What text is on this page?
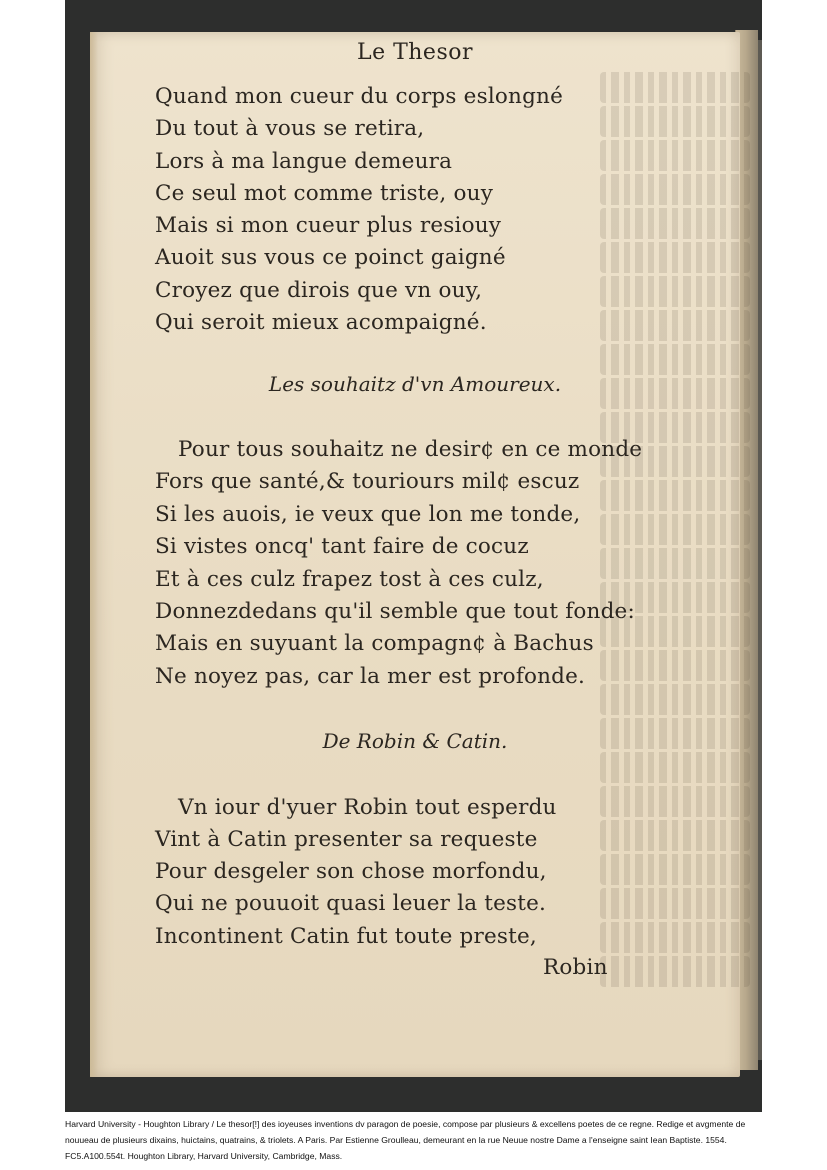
Le Thesor
Quand mon cueur du corps eslongné
Du tout à vous se retira,
Lors à ma langue demeura
Ce seul mot comme triste, ouy
Mais si mon cueur plus resiouy
Auoit sus vous ce poinct gaigné
Croyez que dirois que vn ouy,
Qui seroit mieux acompaigné.
Les souhaitz d'vn Amoureux.
Pour tous souhaitz ne desir¢ en ce monde
Fors que santé,& touriours mil¢ escuz
Si les auois, ie veux que lon me tonde,
Si vistes oncq' tant faire de cocuz
Et à ces culz frapez tost à ces culz,
Donnezdedans qu'il semble que tout fonde:
Mais en suyuant la compagn¢ à Bachus
Ne noyez pas, car la mer est profonde.
De Robin & Catin.
Vn iour d'yuer Robin tout esperdu
Vint à Catin presenter sa requeste
Pour desgeler son chose morfondu,
Qui ne pouuoit quasi leuer la teste.
Incontinent Catin fut toute preste,
Robin
Harvard University - Houghton Library / Le thesor[!] des ioyeuses inventions dv paragon de poesie, compose par plusieurs & excellens poetes de ce regne. Redige et avgmente de nouueau de plusieurs dixains, huictains, quatrains, & triolets. A Paris. Par Estienne Groulleau, demeurant en la rue Neuue nostre Dame a l'enseigne saint Iean Baptiste. 1554. FC5.A100.554t. Houghton Library, Harvard University, Cambridge, Mass.
